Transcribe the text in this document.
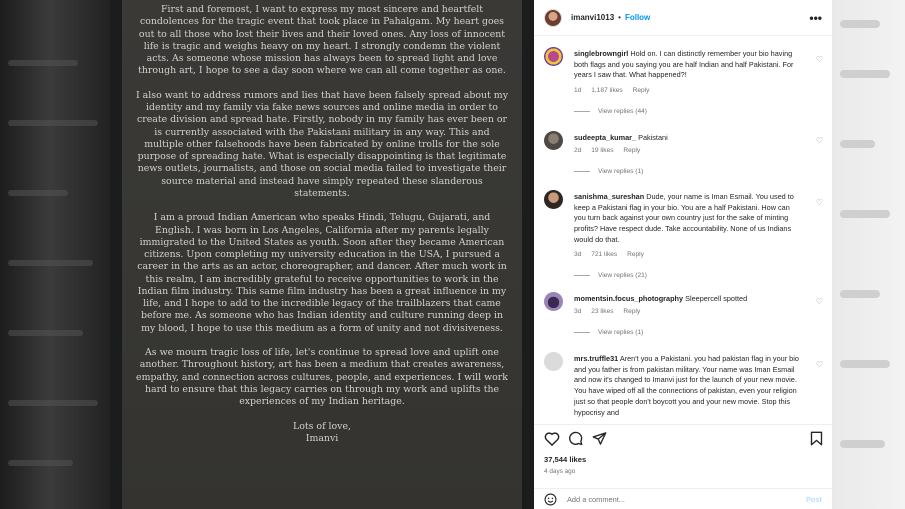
First and foremost, I want to express my most sincere and heartfelt condolences for the tragic event that took place in Pahalgam. My heart goes out to all those who lost their lives and their loved ones. Any loss of innocent life is tragic and weighs heavy on my heart. I strongly condemn the violent acts. As someone whose mission has always been to spread light and love through art, I hope to see a day soon where we can all come together as one.

I also want to address rumors and lies that have been falsely spread about my identity and my family via fake news sources and online media in order to create division and spread hate. Firstly, nobody in my family has ever been or is currently associated with the Pakistani military in any way. This and multiple other falsehoods have been fabricated by online trolls for the sole purpose of spreading hate. What is especially disappointing is that legitimate news outlets, journalists, and those on social media failed to investigate their source material and instead have simply repeated these slanderous statements.

I am a proud Indian American who speaks Hindi, Telugu, Gujarati, and English. I was born in Los Angeles, California after my parents legally immigrated to the United States as youth. Soon after they became American citizens. Upon completing my university education in the USA, I pursued a career in the arts as an actor, choreographer, and dancer. After much work in this realm, I am incredibly grateful to receive opportunities to work in the Indian film industry. This same film industry has been a great influence in my life, and I hope to add to the incredible legacy of the trailblazers that came before me. As someone who has Indian identity and culture running deep in my blood, I hope to use this medium as a form of unity and not divisiveness.

As we mourn tragic loss of life, let's continue to spread love and uplift one another. Throughout history, art has been a medium that creates awareness, empathy, and connection across cultures, people, and experiences. I will work hard to ensure that this legacy carries on through my work and uplifts the experiences of my Indian heritage.

Lots of love,
Imanvi
imanvi1013 • Follow	•••
singlebrowngirl Hold on. I can distinctly remember your bio having both flags and you saying you are half Indian and half Pakistani. For years I saw that. What happened?!
♡
1d 1,187 likes Reply
View replies (44)
sudeepta_kumar_ Pakistani	♡
2d 19 likes Reply
View replies (1)
sanishma_sureshan Dude, your name is Iman Esmail. You used to keep a Pakistani flag in your bio. You are a half Pakistani. How can you turn back against your own country just for the sake of minting profits? Have respect dude. Take accountability. None of us Indians would do that.
♡
3d 721 likes Reply
View replies (21)
momentsin.focus_photography Sleepercell spotted	♡
3d 23 likes Reply
View replies (1)
mrs.truffle31 Aren't you a Pakistani. you had pakistan flag in your bio and you father is from pakistan military. Your name was Iman Esmail and now it's changed to Imanvi just for the launch of your new movie. You have wiped off all the connections of pakistan, even your religion just so that people don't boycott you and your new movie. Stop this hypocrisy and
♡
37,544 likes
4 days ago
Add a comment...
Post
